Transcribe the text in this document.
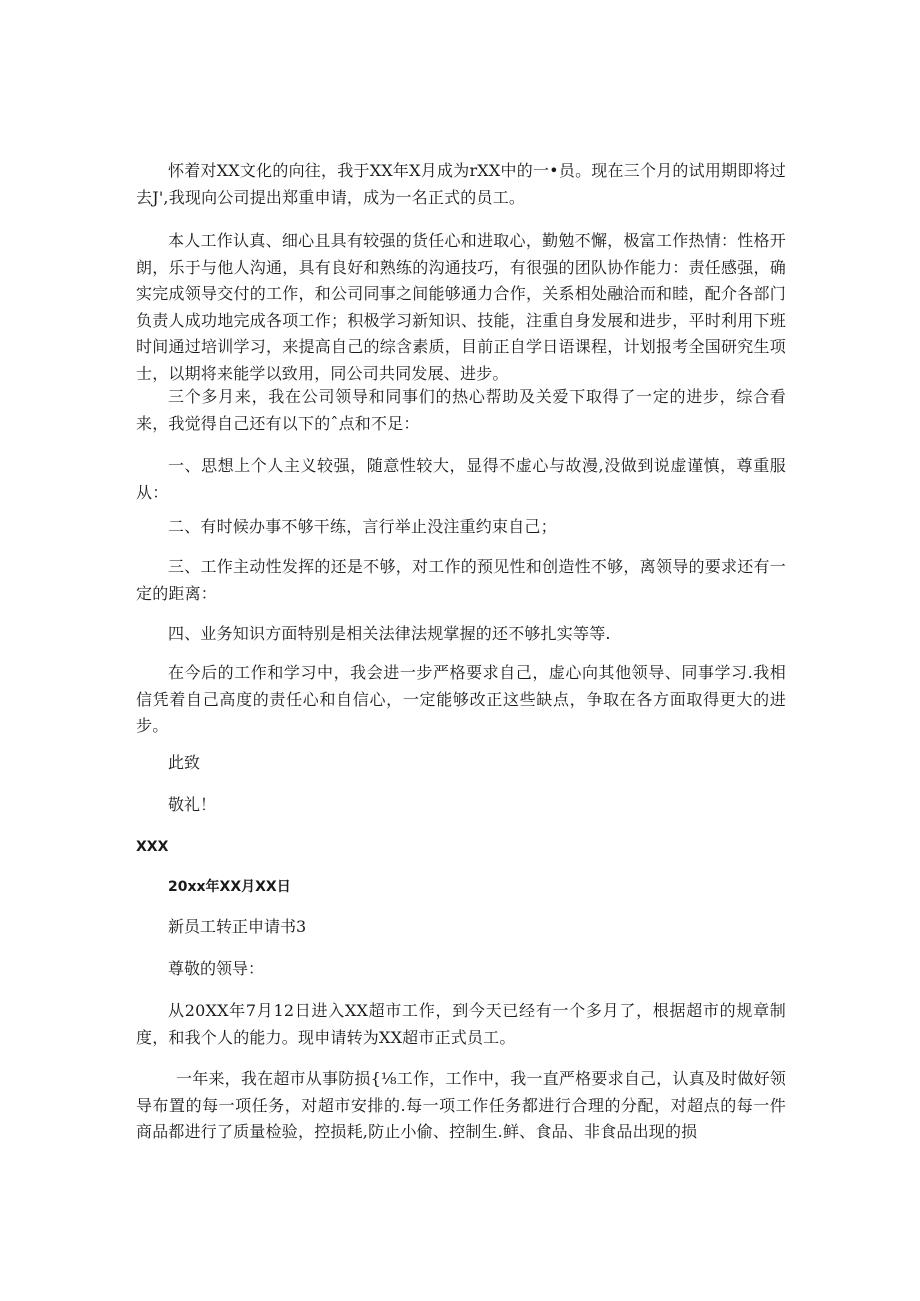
怀着对XX文化的向往，我于XX年X月成为rXX中的一•员。现在三个月的试用期即将过去J',我现向公司提出郑重申请，成为一名正式的员工。

本人工作认真、细心且具有较强的货任心和进取心，勤勉不懈，极富工作热情：性格开朗，乐于与他人沟通，具有良好和熟练的沟通技巧，有很强的团队协作能力：责任感强，确实完成领导交付的工作，和公司同事之间能够通力合作，关系相处融洽而和睦，配介各部门负责人成功地完成各项工作；积极学习新知识、技能，注重自身发展和进步，平时利用下班时间通过培训学习，来提高自己的综含素质，目前正自学日语课程，计划报考全国研究生项士，以期将来能学以致用，同公司共同发展、进步。

三个多月来，我在公司领导和同事们的热心帮助及关爱下取得了一定的进步，综合看来，我觉得自己还有以下的ˆ点和不足：

一、思想上个人主义较强，随意性较大，显得不虚心与故漫,没做到说虚谨慎，尊重服从：

二、有时候办事不够干练，言行举止没注重约束自己；

三、工作主动性发挥的还是不够，对工作的预见性和创造性不够，离领导的要求还有一定的距离：

四、业务知识方面特别是相关法律法规掌握的还不够扎实等等.

在今后的工作和学习中，我会进一步严格要求自己，虚心向其他领导、同事学习.我相信凭着自己高度的责任心和自信心，一定能够改正这些缺点，争取在各方面取得更大的进步。

此致

敬礼！

XXX

20xx年XX月XX日

新员工转正申请书3

尊敬的领导：

从20XX年7月12日进入XX超市工作，到今天已经有一个多月了，根据超市的规章制度，和我个人的能力。现申请转为XX超市正式员工。

一年来，我在超市从事防损{⅛工作，工作中，我一直严格要求自己，认真及时做好领导布置的每一项任务，对超市安排的.每一项工作任务都进行合理的分配，对超点的每一件商品都进行了质量检验，控损耗,防止小偷、控制生.鲜、食品、非食品出现的损
